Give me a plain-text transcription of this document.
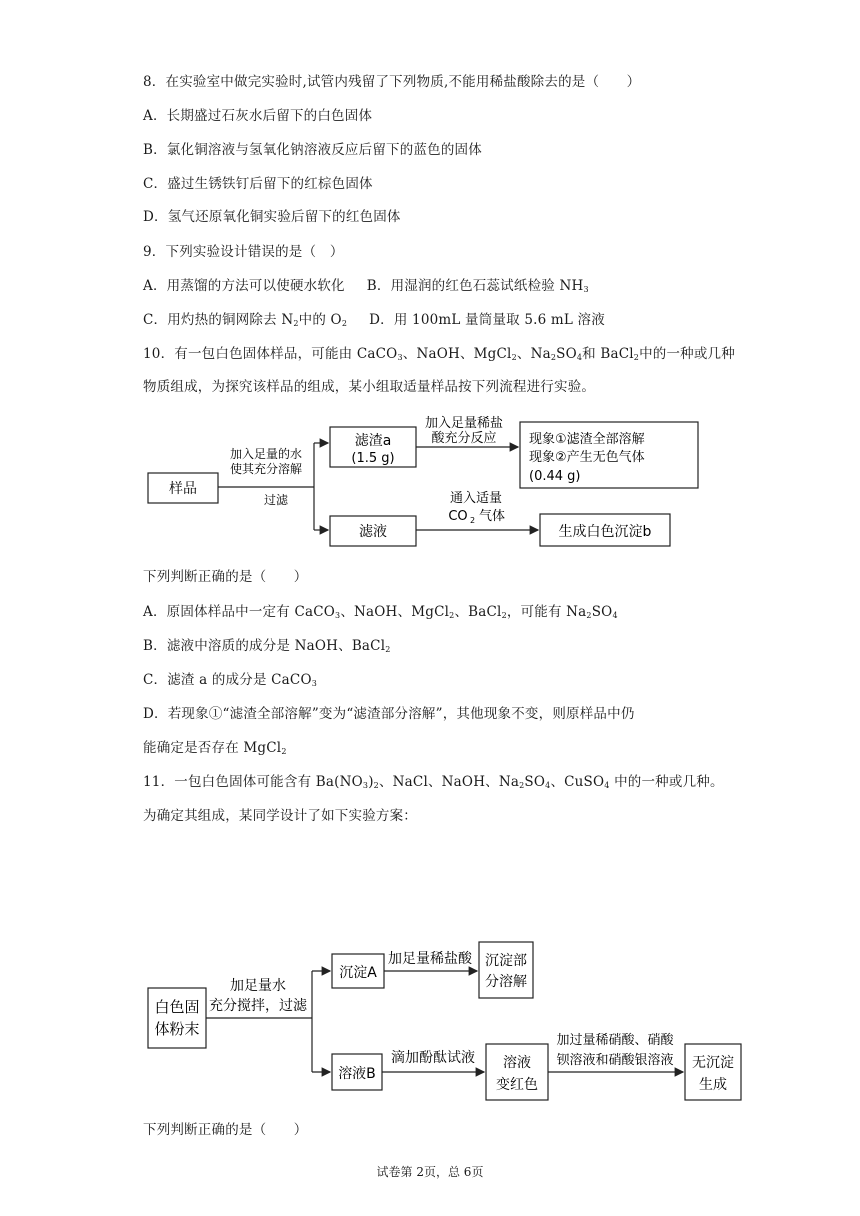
8．在实验室中做完实验时,试管内残留了下列物质,不能用稀盐酸除去的是（　　）
A．长期盛过石灰水后留下的白色固体
B．氯化铜溶液与氢氧化钠溶液反应后留下的蓝色的固体
C．盛过生锈铁钉后留下的红棕色固体
D．氢气还原氧化铜实验后留下的红色固体
9．下列实验设计错误的是（　）
A．用蒸馏的方法可以使硬水软化 B．用湿润的红色石蕊试纸检验 $NH_3$
C．用灼热的铜网除去 $N_2$中的 $O_2$ D．用 100mL 量筒量取 5.6 mL 溶液
10．有一包白色固体样品，可能由 CaCO$_3$、NaOH、MgCl$_2$、$Na_2SO_4$和 BaCl$_2$中的一种或几种
物质组成，为探究该样品的组成，某小组取适量样品按下列流程进行实验。
样品
加入足量的水
使其充分溶解
过滤
滤渣a
(1.5 g)
加入足量稀盐
酸充分反应 现象①滤渣全部溶解
现象②产生无色气体
(0.44 g)
滤液
通入适量
CO 2 气体
生成白色沉淀b
下列判断正确的是（　　）
A．原固体样品中一定有 CaCO$_3$、NaOH、MgCl$_2$、BaCl$_2$，可能有 $Na_2SO_4$
B．滤液中溶质的成分是 NaOH、BaCl$_2$
C．滤渣 a 的成分是 CaCO$_3$
D．若现象①“滤渣全部溶解”变为“滤渣部分溶解”，其他现象不变，则原样品中仍
能确定是否存在 MgCl$_2$
11．一包白色固体可能含有 $Ba(NO_3)_2$、NaCl、NaOH、$Na_2SO_4$、CuSO$_4$ 中的一种或几种。
为确定其组成，某同学设计了如下实验方案：
白色固
体粉末
加足量水
充分搅拌，过滤
沉淀A
加足量稀盐酸 沉淀部
分溶解
溶液B
滴加酚酞试液 溶液
变红色
加过量稀硝酸、硝酸
钡溶液和硝酸银溶液 无沉淀
生成
下列判断正确的是（　　）
试卷第 2页，总 6页
